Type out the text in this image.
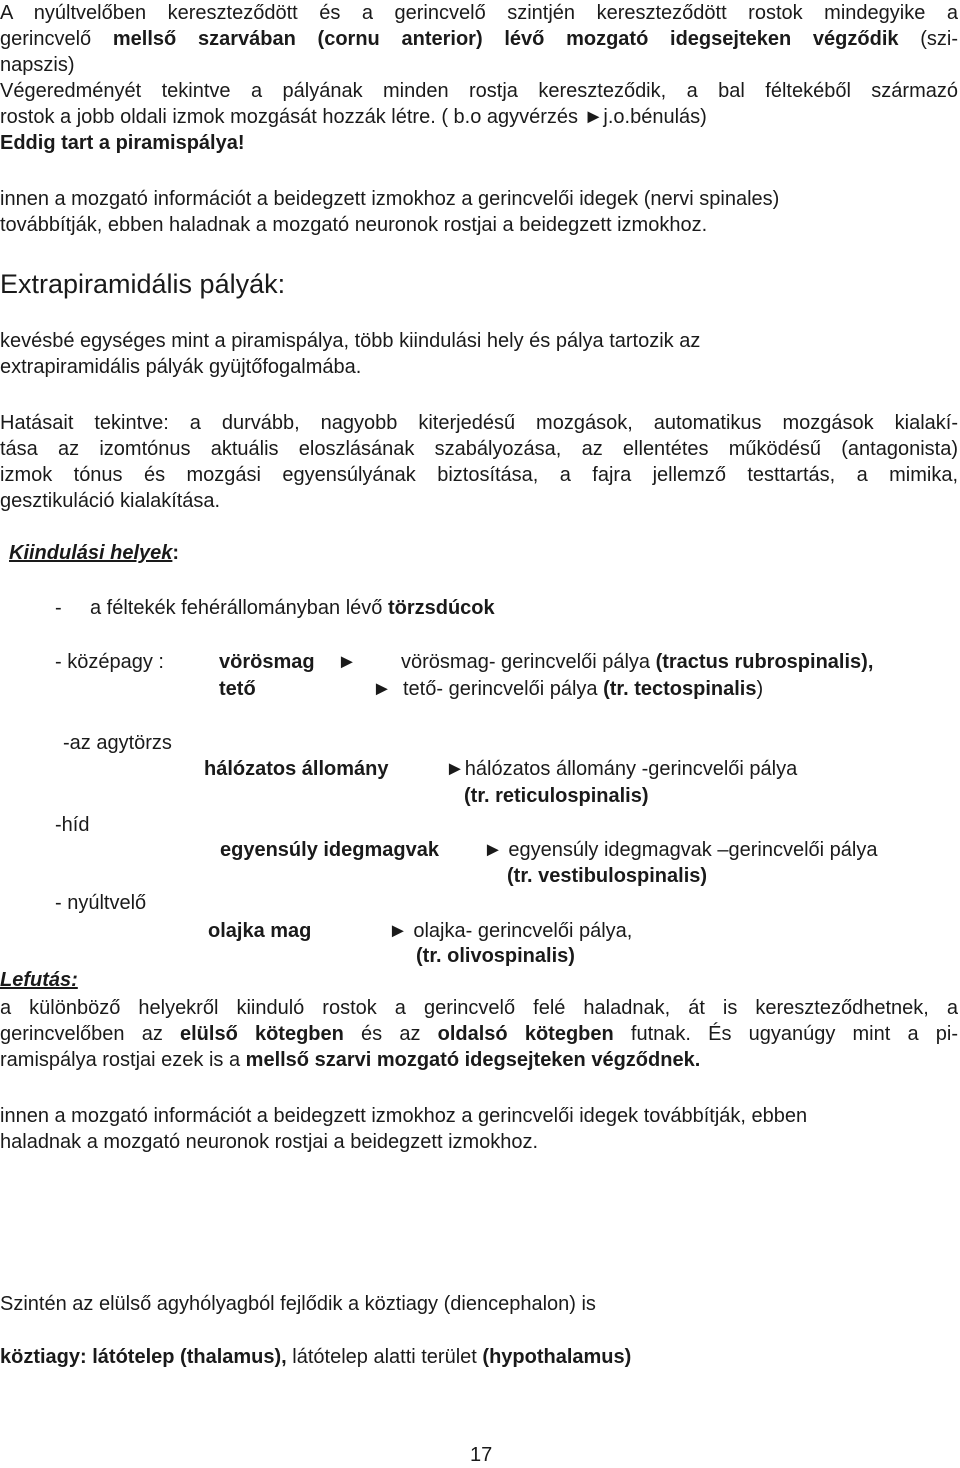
A nyúltvelőben kereszteződött és a gerincvelő szintjén kereszteződött rostok mindegyike a
gerincvelő mellső szarvában (cornu anterior) lévő mozgató idegsejteken végződik (szi-
napszis)
Végeredményét tekintve a pályának minden rostja kereszteződik, a bal féltekéből származó
rostok a jobb oldali izmok mozgását hozzák létre. ( b.o agyvérzés ►j.o.bénulás)
Eddig tart a piramispálya!
innen a mozgató információt a beidegzett izmokhoz a gerincvelői idegek (nervi spinales)
továbbítják, ebben haladnak a mozgató neuronok rostjai a beidegzett izmokhoz.
Extrapiramidális pályák:
kevésbé egységes mint a piramispálya, több kiindulási hely és pálya tartozik az
extrapiramidális pályák gyüjtőfogalmába.
Hatásait tekintve: a durvább, nagyobb kiterjedésű mozgások, automatikus mozgások kialakí-
tása az izomtónus aktuális eloszlásának szabályozása, az ellentétes működésű (antagonista)
izmok tónus és mozgási egyensúlyának biztosítása, a fajra jellemző testtartás, a mimika,
gesztikuláció kialakítása.
Kiindulási helyek:
- a féltekék fehérállományban lévő törzsdúcok
- középagy :	vörösmag ► vörösmag- gerincvelői pálya (tractus rubrospinalis),
tető	► tető- gerincvelői pálya (tr. tectospinalis)
-az agytörzs
hálózatos állomány	►hálózatos állomány -gerincvelői pálya
(tr. reticulospinalis)
-híd
egyensúly idegmagvak ► egyensúly idegmagvak –gerincvelői pálya
(tr. vestibulospinalis)
- nyúltvelő
olajka mag	► olajka- gerincvelői pálya,
(tr. olivospinalis)
Lefutás:
a különböző helyekről kiinduló rostok a gerincvelő felé haladnak, át is kereszteződhetnek, a
gerincvelőben az elülső kötegben és az oldalsó kötegben futnak. És ugyanúgy mint a pi-
ramispálya rostjai ezek is a mellső szarvi mozgató idegsejteken végződnek.
innen a mozgató információt a beidegzett izmokhoz a gerincvelői idegek továbbítják, ebben
haladnak a mozgató neuronok rostjai a beidegzett izmokhoz.
Szintén az elülső agyhólyagból fejlődik a köztiagy (diencephalon) is
köztiagy: látótelep (thalamus), látótelep alatti terület (hypothalamus)
17
